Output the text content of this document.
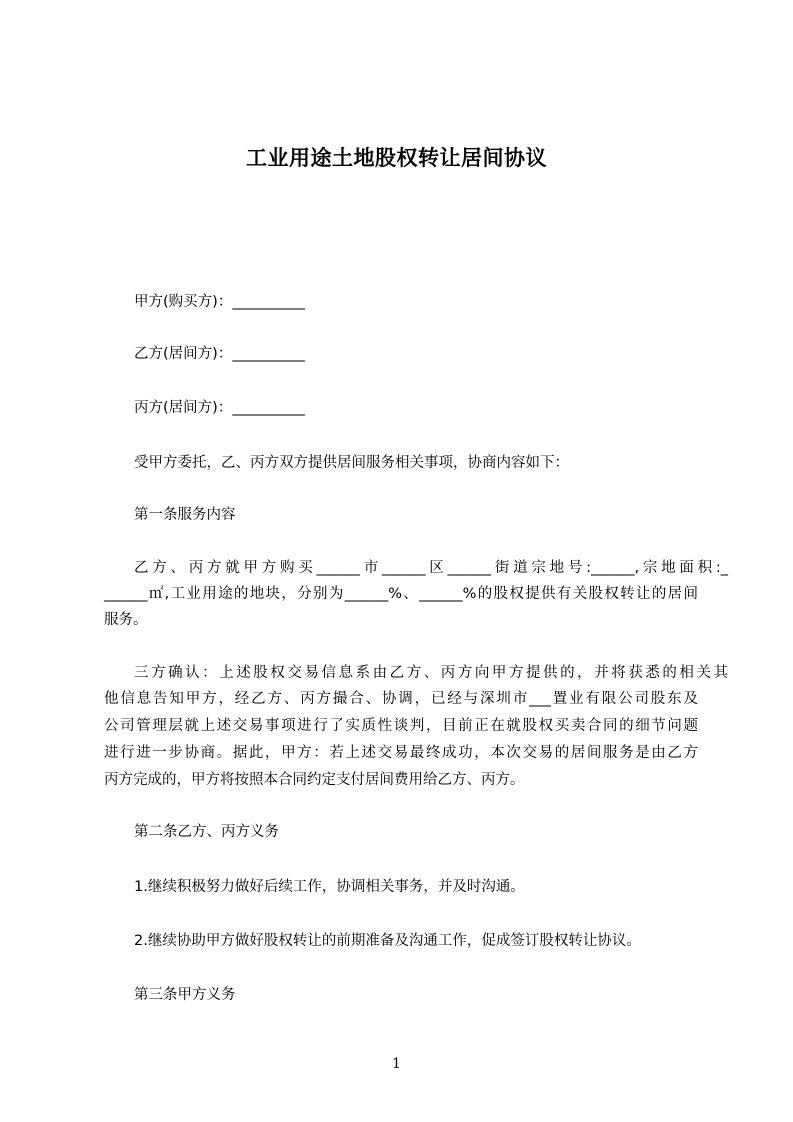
工业用途土地股权转让居间协议

甲方(购买方)：__________

乙方(居间方)：__________

丙方(居间方)：__________

受甲方委托，乙、丙方双方提供居间服务相关事项，协商内容如下：

第一条服务内容

乙方、丙方就甲方购买______市______区______街道宗地号:______,宗地面积:_

______㎡,工业用途的地块，分别为______%、______%的股权提供有关股权转让的居间

服务。

三方确认：上述股权交易信息系由乙方、丙方向甲方提供的，并将获悉的相关其

他信息告知甲方，经乙方、丙方撮合、协调，已经与深圳市___置业有限公司股东及

公司管理层就上述交易事项进行了实质性谈判，目前正在就股权买卖合同的细节问题

进行进一步协商。据此，甲方：若上述交易最终成功，本次交易的居间服务是由乙方

丙方完成的，甲方将按照本合同约定支付居间费用给乙方、丙方。

第二条乙方、丙方义务

1.继续积极努力做好后续工作，协调相关事务，并及时沟通。

2.继续协助甲方做好股权转让的前期准备及沟通工作，促成签订股权转让协议。

第三条甲方义务

1
